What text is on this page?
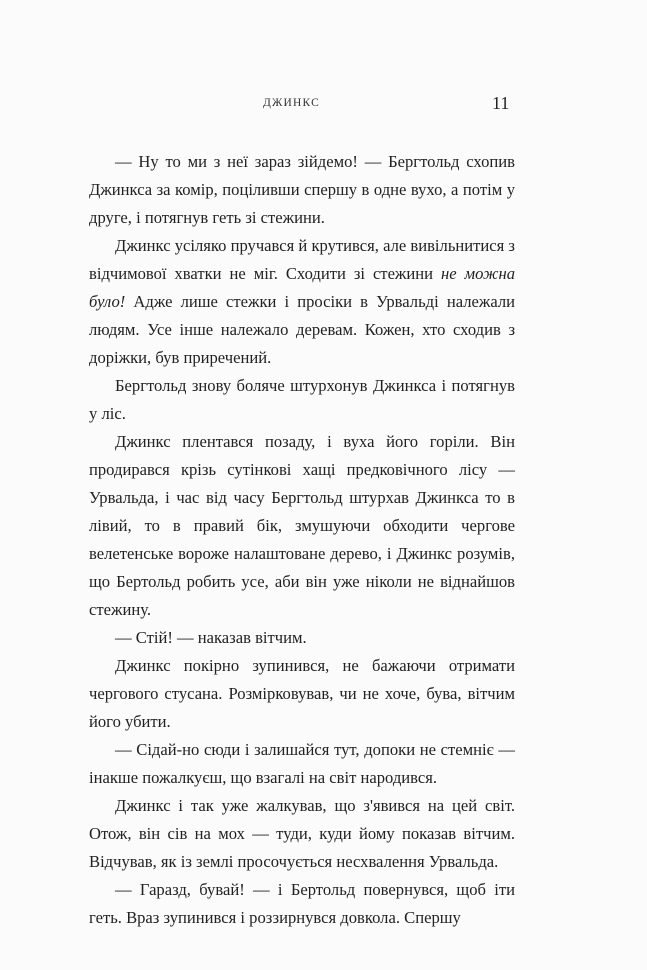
ДЖИНКС	11

— Ну то ми з неї зараз зійдемо! — Бергтольд схопив Джинкса за комір, поціливши спершу в одне вухо, а потім у друге, і потягнув геть зі стежини.

Джинкс усіляко пручався й крутився, але вивільнитися з відчимової хватки не міг. Сходити зі стежини не можна було! Адже лише стежки і просіки в Урвальді належали людям. Усе інше належало деревам. Кожен, хто сходив з доріжки, був приречений.

Бергтольд знову боляче штурхонув Джинкса і потягнув у ліс.

Джинкс плентався позаду, і вуха його горіли. Він продирався крізь сутінкові хащі предковічного лісу — Урвальда, і час від часу Бергтольд штурхав Джинкса то в лівий, то в правий бік, змушуючи обходити чергове велетенське вороже налаштоване дерево, і Джинкс розумів, що Бертольд робить усе, аби він уже ніколи не віднайшов стежину.

— Стій! — наказав вітчим.

Джинкс покірно зупинився, не бажаючи отримати чергового стусана. Розмірковував, чи не хоче, бува, вітчим його убити.

— Сідай-но сюди і залишайся тут, допоки не стемніє — інакше пожалкуєш, що взагалі на світ народився.

Джинкс і так уже жалкував, що з'явився на цей світ. Отож, він сів на мох — туди, куди йому показав вітчим. Відчував, як із землі просочується несхвалення Урвальда.

— Гаразд, бувай! — і Бертольд повернувся, щоб іти геть. Враз зупинився і роззирнувся довкола. Спершу
